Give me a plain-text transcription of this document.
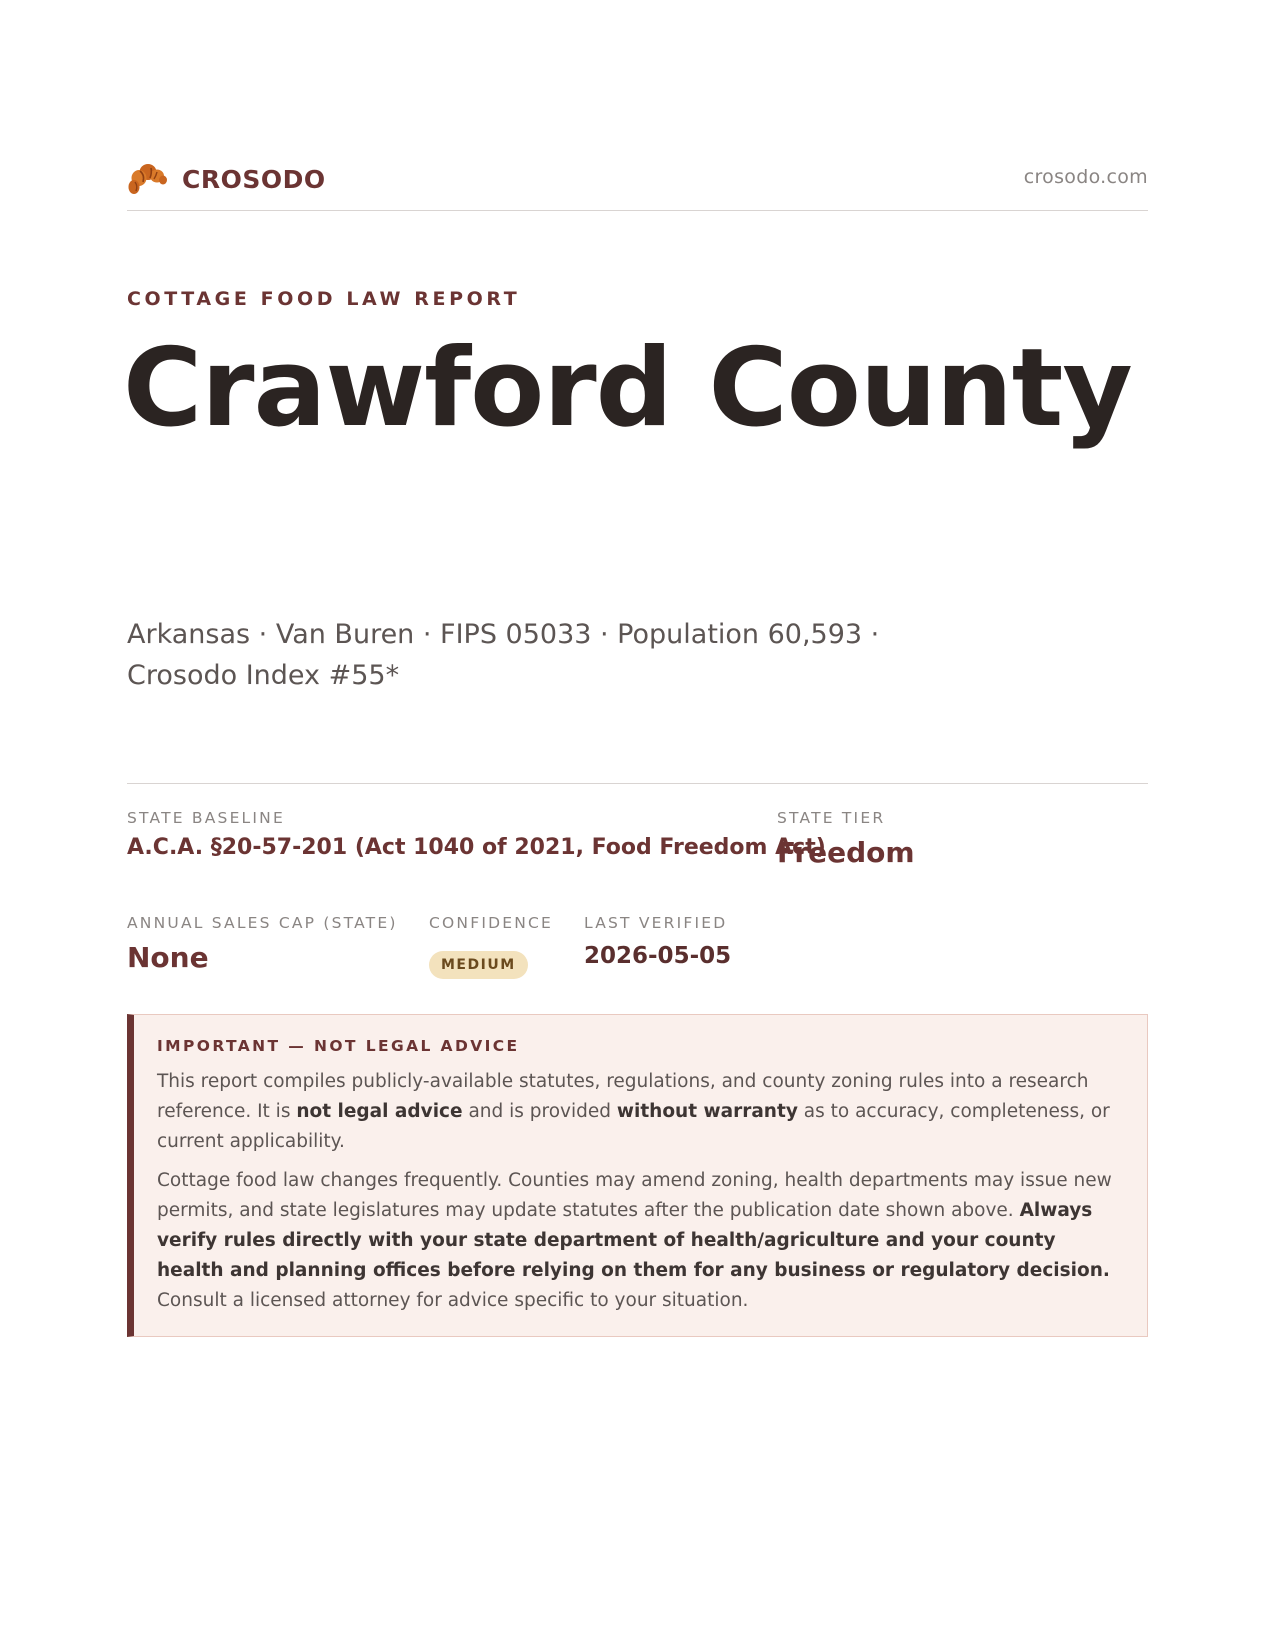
CROSODO	crosodo.com
COTTAGE FOOD LAW REPORT
Crawford County
Arkansas · Van Buren · FIPS 05033 · Population 60,593 ·
Crosodo Index #55*
STATE BASELINE
A.C.A. §20-57-201 (Act 1040 of 2021, Food Freedom Act)
STATE TIER
Freedom
ANNUAL SALES CAP (STATE)
None
CONFIDENCE
MEDIUM
LAST VERIFIED
2026-05-05
IMPORTANT — NOT LEGAL ADVICE

This report compiles publicly-available statutes, regulations, and county zoning rules into a research reference. It is not legal advice and is provided without warranty as to accuracy, completeness, or current applicability.

Cottage food law changes frequently. Counties may amend zoning, health departments may issue new permits, and state legislatures may update statutes after the publication date shown above. Always verify rules directly with your state department of health/agriculture and your county health and planning offices before relying on them for any business or regulatory decision. Consult a licensed attorney for advice specific to your situation.
